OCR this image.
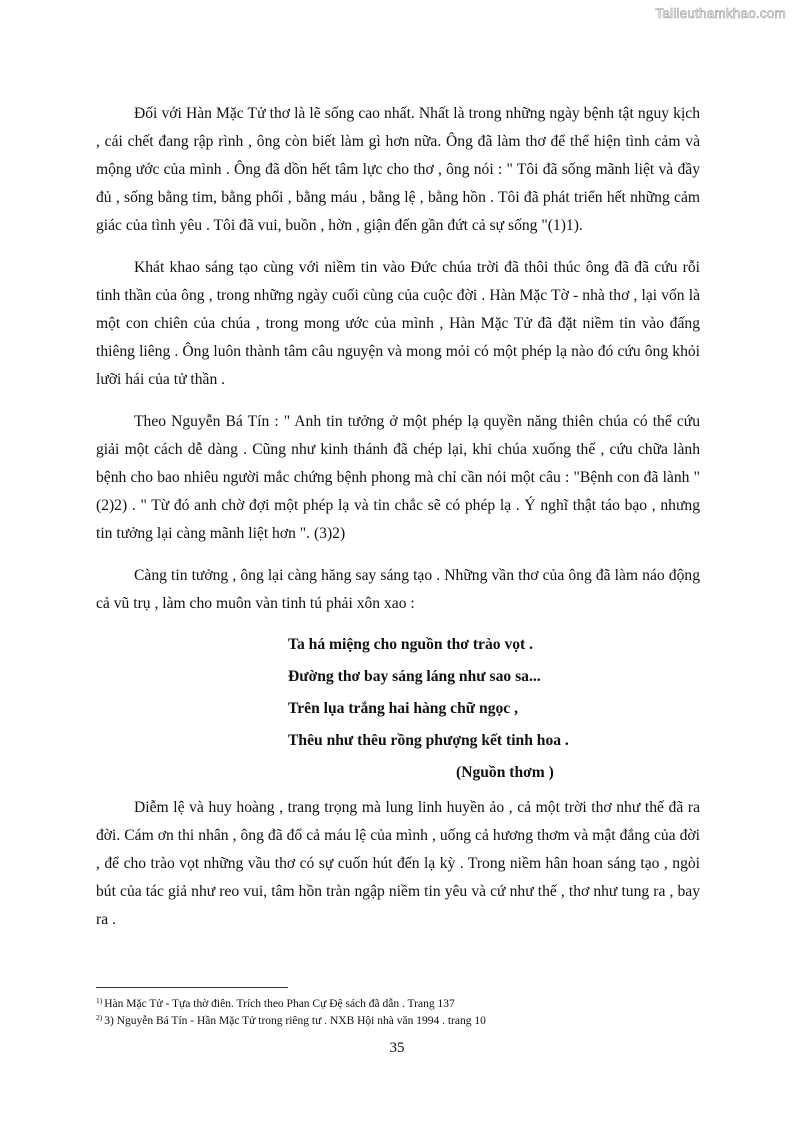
Tailieuthamkhao.com

Đối với Hàn Mặc Tử thơ là lẽ sống cao nhất. Nhất là trong những ngày bệnh tật nguy kịch , cái chết đang rập rình , ông còn biết làm gì hơn nữa. Ông đã làm thơ để thể hiện tình cảm và mộng ước của mình . Ông đã dồn hết tâm lực cho thơ , ông nói : " Tôi đã sống mãnh liệt và đầy đủ , sống bằng tim, bằng phổi , bằng máu , bằng lệ , bằng hồn . Tôi đã phát triển hết những cảm giác của tình yêu . Tôi đã vui, buồn , hờn , giận đến gần đứt cả sự sống "(1)1).

Khát khao sáng tạo cùng với niềm tin vào Đức chúa trời đã thôi thúc ông đã đã cứu rỗi tinh thần của ông , trong những ngày cuối cùng của cuộc đời . Hàn Mặc Tờ - nhà thơ , lại vốn là một con chiên của chúa , trong mong ước của mình , Hàn Mặc Tử đã đặt niềm tin vào đấng thiêng liêng . Ông luôn thành tâm câu nguyện và mong mỏi có một phép lạ nào đó cứu ông khỏi lưỡi hái của tử thần .

Theo Nguyễn Bá Tín : " Anh tin tưởng ở một phép lạ quyền năng thiên chúa có thể cứu giải một cách dễ dàng . Cũng như kinh thánh đã chép lại, khi chúa xuống thế , cứu chữa lành bệnh cho bao nhiêu người mắc chứng bệnh phong mà chỉ cần nói một câu : "Bệnh con đã lành " (2)2) . " Từ đó anh chờ đợi một phép lạ và tin chắc sẽ có phép lạ . Ý nghĩ thật táo bạo , nhưng tin tưởng lại càng mãnh liệt hơn ". (3)2)

Càng tin tưởng , ông lại càng hăng say sáng tạo . Những vần thơ của ông đã làm náo động cả vũ trụ , làm cho muôn vàn tinh tú phải xôn xao :

Ta há miệng cho nguồn thơ trào vọt .
Đường thơ bay sáng láng như sao sa...
Trên lụa trắng hai hàng chữ ngọc ,
Thêu như thêu rồng phượng kết tinh hoa .
(Nguồn thơm )

Diễm lệ và huy hoàng , trang trọng mà lung linh huyền ảo , cả một trời thơ như thế đã ra đời. Cám ơn thi nhân , ông đã đổ cả máu lệ của mình , uống cả hương thơm và mật đắng của đời , để cho trào vọt những vầu thơ có sự cuốn hút đến lạ kỳ . Trong niềm hân hoan sáng tạo , ngòi bút của tác giả như reo vui, tâm hồn tràn ngập niềm tin yêu và cứ như thế , thơ như tung ra , bay ra .

$^{1)}$ Hàn Mặc Tử - Tựa thờ điên. Trích theo Phan Cự Đệ sách đã dẫn . Trang 137
$^{2)}$ 3) Nguyễn Bá Tín - Hần Mặc Tử trong riêng tư . NXB Hội nhà văn 1994 . trang 10
35
